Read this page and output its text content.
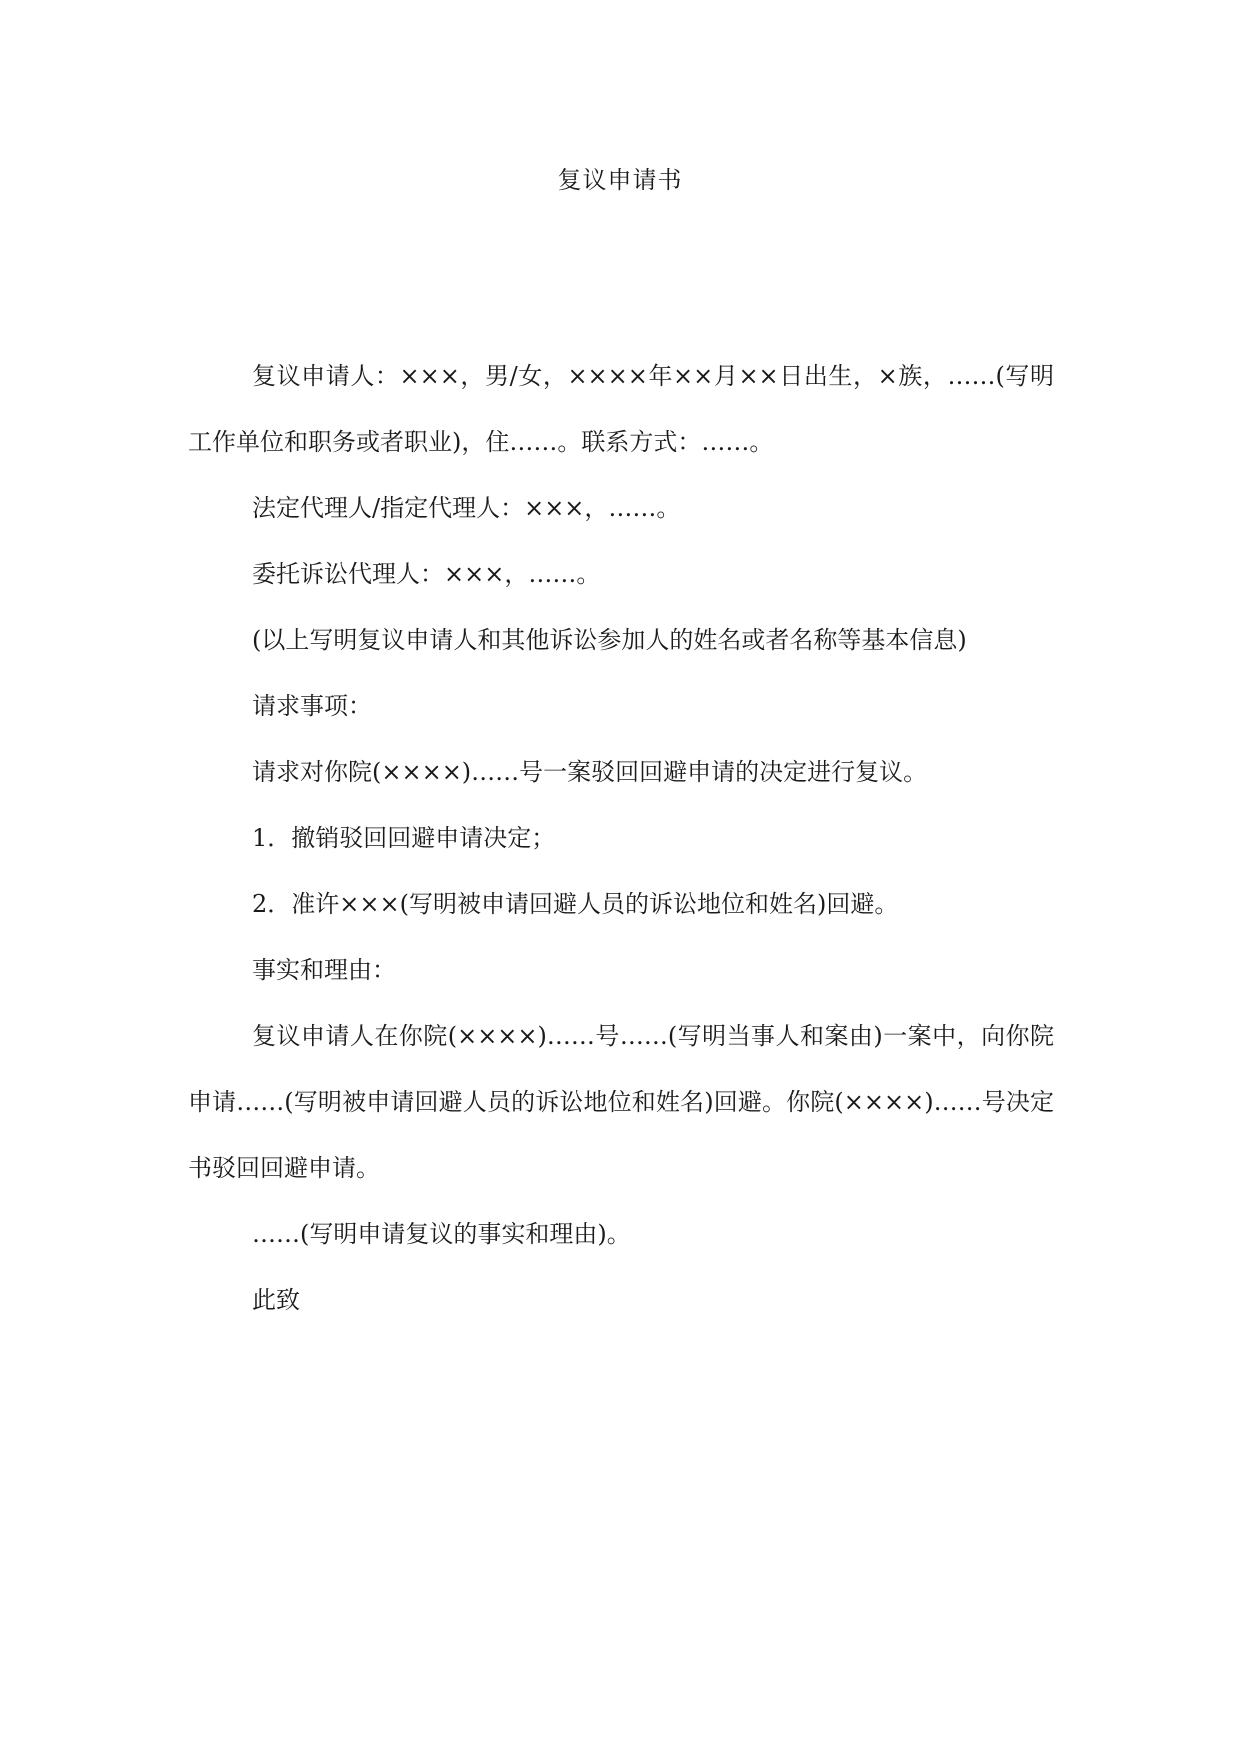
复议申请书

复议申请人：×××，男/女，××××年××月××日出生，×族，……(写明工作单位和职务或者职业)，住……。联系方式：……。

法定代理人/指定代理人：×××，……。

委托诉讼代理人：×××，……。

(以上写明复议申请人和其他诉讼参加人的姓名或者名称等基本信息)

请求事项：

请求对你院(××××)……号一案驳回回避申请的决定进行复议。

1．撤销驳回回避申请决定；

2．准许×××(写明被申请回避人员的诉讼地位和姓名)回避。

事实和理由：

复议申请人在你院(××××)……号……(写明当事人和案由)一案中，向你院申请……(写明被申请回避人员的诉讼地位和姓名)回避。你院(××××)……号决定书驳回回避申请。

……(写明申请复议的事实和理由)。

此致
